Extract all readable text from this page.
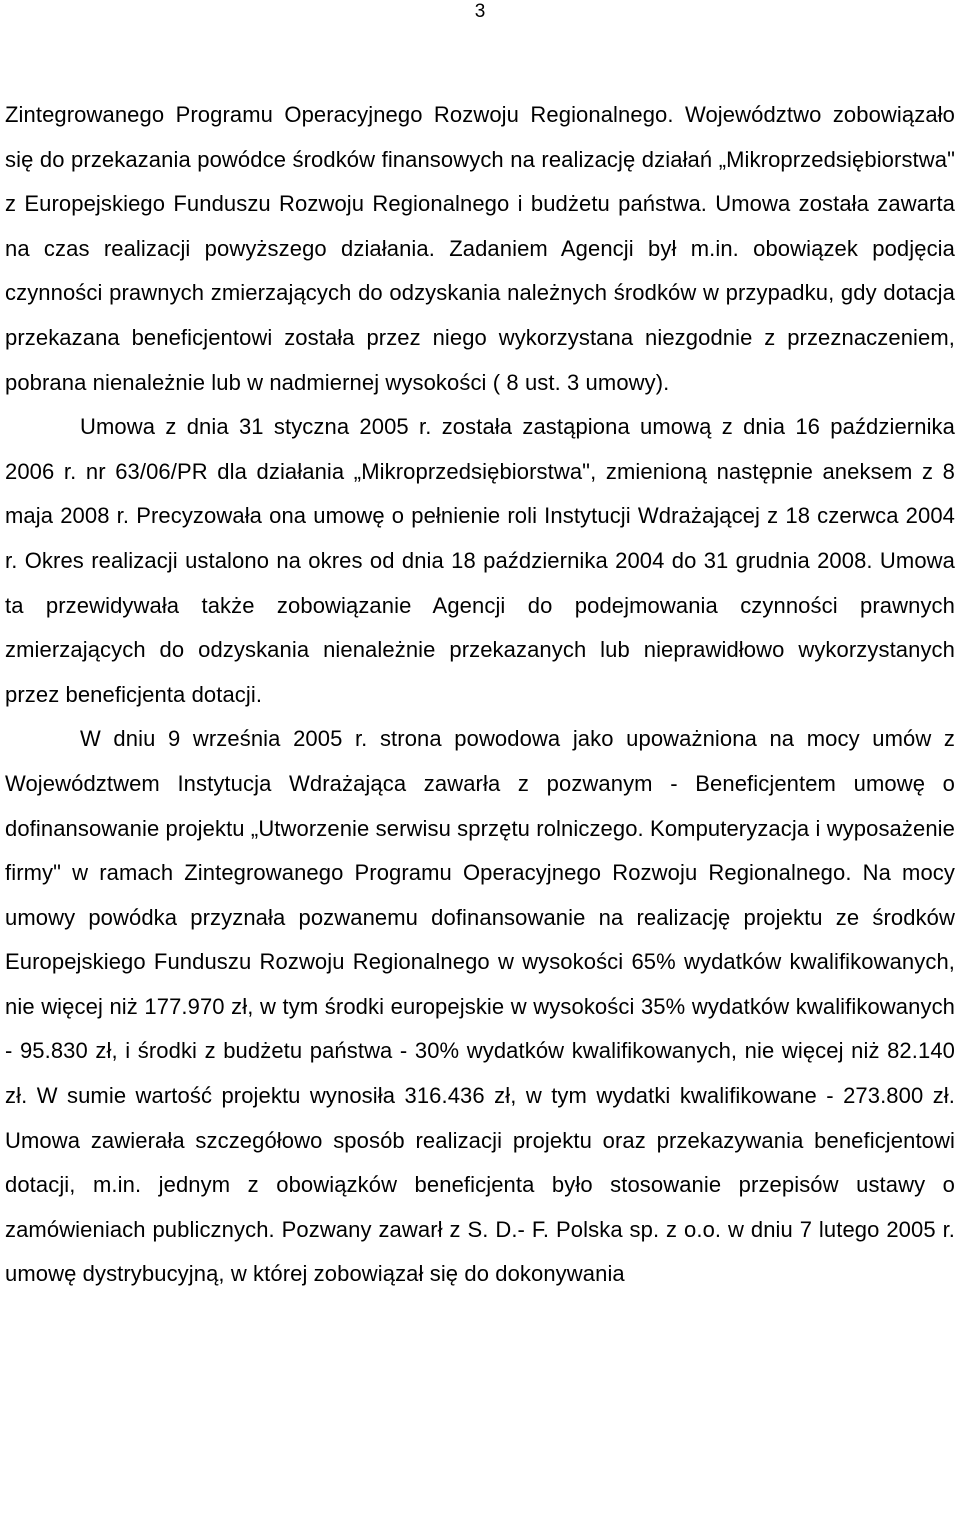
3

Zintegrowanego Programu Operacyjnego Rozwoju Regionalnego. Województwo zobowiązało się do przekazania powódce środków finansowych na realizację działań „Mikroprzedsiębiorstwa" z Europejskiego Funduszu Rozwoju Regionalnego i budżetu państwa. Umowa została zawarta na czas realizacji powyższego działania. Zadaniem Agencji był m.in. obowiązek podjęcia czynności prawnych zmierzających do odzyskania należnych środków w przypadku, gdy dotacja przekazana beneficjentowi została przez niego wykorzystana niezgodnie z przeznaczeniem, pobrana nienależnie lub w nadmiernej wysokości ( 8 ust. 3 umowy).

Umowa z dnia 31 styczna 2005 r. została zastąpiona umową z dnia 16 października 2006 r. nr 63/06/PR dla działania „Mikroprzedsiębiorstwa", zmienioną następnie aneksem z 8 maja 2008 r. Precyzowała ona umowę o pełnienie roli Instytucji Wdrażającej z 18 czerwca 2004 r. Okres realizacji ustalono na okres od dnia 18 października 2004 do 31 grudnia 2008. Umowa ta przewidywała także zobowiązanie Agencji do podejmowania czynności prawnych zmierzających do odzyskania nienależnie przekazanych lub nieprawidłowo wykorzystanych przez beneficjenta dotacji.

W dniu 9 września 2005 r. strona powodowa jako upoważniona na mocy umów z Województwem Instytucja Wdrażająca zawarła z pozwanym - Beneficjentem umowę o dofinansowanie projektu „Utworzenie serwisu sprzętu rolniczego. Komputeryzacja i wyposażenie firmy" w ramach Zintegrowanego Programu Operacyjnego Rozwoju Regionalnego. Na mocy umowy powódka przyznała pozwanemu dofinansowanie na realizację projektu ze środków Europejskiego Funduszu Rozwoju Regionalnego w wysokości 65% wydatków kwalifikowanych, nie więcej niż 177.970 zł, w tym środki europejskie w wysokości 35% wydatków kwalifikowanych - 95.830 zł, i środki z budżetu państwa - 30% wydatków kwalifikowanych, nie więcej niż 82.140 zł. W sumie wartość projektu wynosiła 316.436 zł, w tym wydatki kwalifikowane - 273.800 zł. Umowa zawierała szczegółowo sposób realizacji projektu oraz przekazywania beneficjentowi dotacji, m.in. jednym z obowiązków beneficjenta było stosowanie przepisów ustawy o zamówieniach publicznych. Pozwany zawarł z S. D.- F. Polska sp. z o.o. w dniu 7 lutego 2005 r. umowę dystrybucyjną, w której zobowiązał się do dokonywania
